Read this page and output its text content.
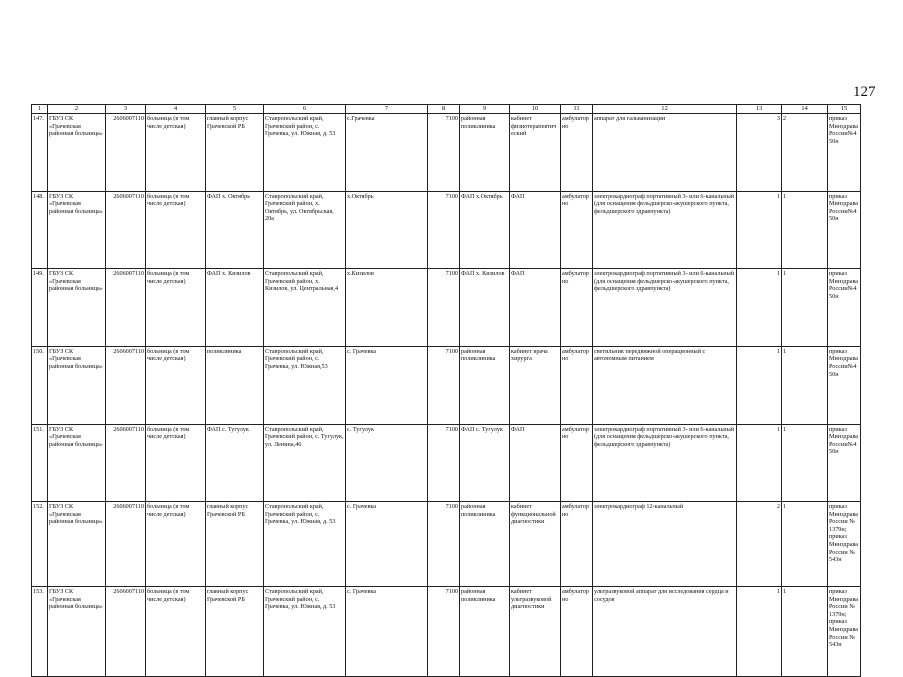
127
1	2	3	4	5	6	7	8	9	10	11	12	13	14	15	
147.	ГБУЗ СК «Грачевская районная больница»	2606007110	больница (в том числе детская)	главный корпус Грачевской РБ	Ставропольский край, Грачевский район, с. Грачевка, ул. Южная, д. 53	с.Грачевка	7100	районная поликлиника	кабинет физиотерапевтический	амбулаторно	аппарат для гальванизации	3	2	приказ Минздрава России№450н	
148.	ГБУЗ СК «Грачевская районная больница»	2606007110	больница (в том числе детская)	ФАП х. Октябрь	Ставропольский край, Грачевский район, х. Октябрь, ул. Октябрьская, 20а	х.Октябрь	7100	ФАП х.Октябрь	ФАП	амбулаторно	электрокардиограф портативный 3- или 6-канальный (для оснащения фельдшерско-акушерского пункта, фельдшерского здравпункта)	1	1	приказ Минздрава России№450н	
149.	ГБУЗ СК «Грачевская районная больница»	2606007110	больница (в том числе детская)	ФАП х. Кизилов	Ставропольский край, Грачевский район, х. Кизилов, ул. Центральная,4	х.Кизилов	7100	ФАП х. Кизилов	ФАП	амбулаторно	электрокардиограф портативный 3- или 6-канальный (для оснащения фельдшерско-акушерского пункта, фельдшерского здравпункта)	1	1	приказ Минздрава России№450н	
150.	ГБУЗ СК «Грачевская районная больница»	2606007110	больница (в том числе детская)	поликлиника	Ставропольский край, Грачевский район, с. Грачевка, ул. Южная,53	с. Грачевка	7100	районная поликлиника	кабинет врача хирурга	амбулаторно	светильник передвижной операционный с автономным питанием	1	1	приказ Минздрава России№450н	
151.	ГБУЗ СК «Грачевская районная больница»	2606007110	больница (в том числе детская)	ФАП с. Тугулук	Ставропольский край, Грачевский район, с. Тугулук, ул. Ленина,46	с. Тугулук	7100	ФАП с. Тугулук	ФАП	амбулаторно	электрокардиограф портативный 3- или 6-канальный (для оснащения фельдшерско-акушерского пункта, фельдшерского здравпункта)	1	1	приказ Минздрава России№450н	
152.	ГБУЗ СК «Грачевская районная больница»	2606007110	больница (в том числе детская)	главный корпус Грачевской РБ	Ставропольский край, Грачевский район, с. Грачевка, ул. Южная, д. 53	с. Грачевка	7100	районная поликлиника	кабинет функциональной диагностики	амбулаторно	электрокардиограф 12-канальный	2	1	приказ Минздрава России № 1379н; приказ Минздрава России № 543н	
153.	ГБУЗ СК «Грачевская районная больница»	2606007110	больница (в том числе детская)	главный корпус Грачевской РБ	Ставропольский край, Грачевский район, с. Грачевка, ул. Южная, д. 53	с. Грачевка	7100	районная поликлиника	кабинет ультразвуковой диагностики	амбулаторно	ультразвуковой аппарат для исследования сердца и сосудов	1	1	приказ Минздрава России № 1379н; приказ Минздрава России № 543н	
